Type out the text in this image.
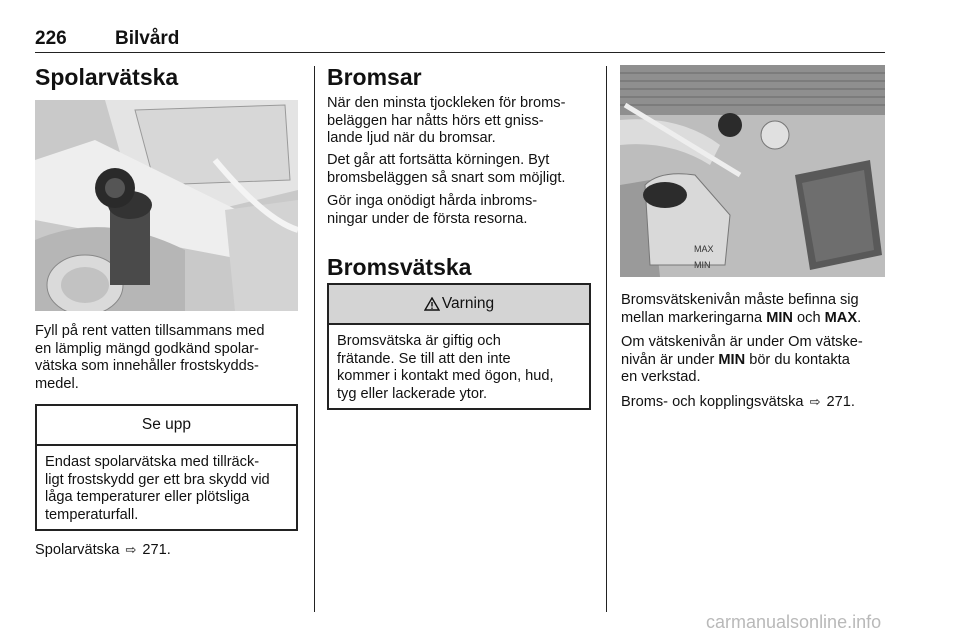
226	Bilvård
Spolarvätska
Fyll på rent vatten tillsammans med
en lämplig mängd godkänd spolar-
vätska som innehåller frostskydds-
medel.
Se upp
Endast spolarvätska med tillräck-
ligt frostskydd ger ett bra skydd vid
låga temperaturer eller plötsliga
temperaturfall.
Spolarvätska ⇨ 271.
Bromsar
När den minsta tjockleken för broms-
beläggen har nåtts hörs ett gniss-
lande ljud när du bromsar.
Det går att fortsätta körningen. Byt
bromsbeläggen så snart som möjligt.
Gör inga onödigt hårda inbroms-
ningar under de första resorna.
Bromsvätska
Varning
Bromsvätska är giftig och
frätande. Se till att den inte
kommer i kontakt med ögon, hud,
tyg eller lackerade ytor.
MAX
MIN
Bromsvätskenivån måste befinna sig
mellan markeringarna MIN och MAX.
Om vätskenivån är under Om vätske-
nivån är under MIN bör du kontakta
en verkstad.
Broms- och kopplingsvätska ⇨ 271.
carmanualsonline.info
